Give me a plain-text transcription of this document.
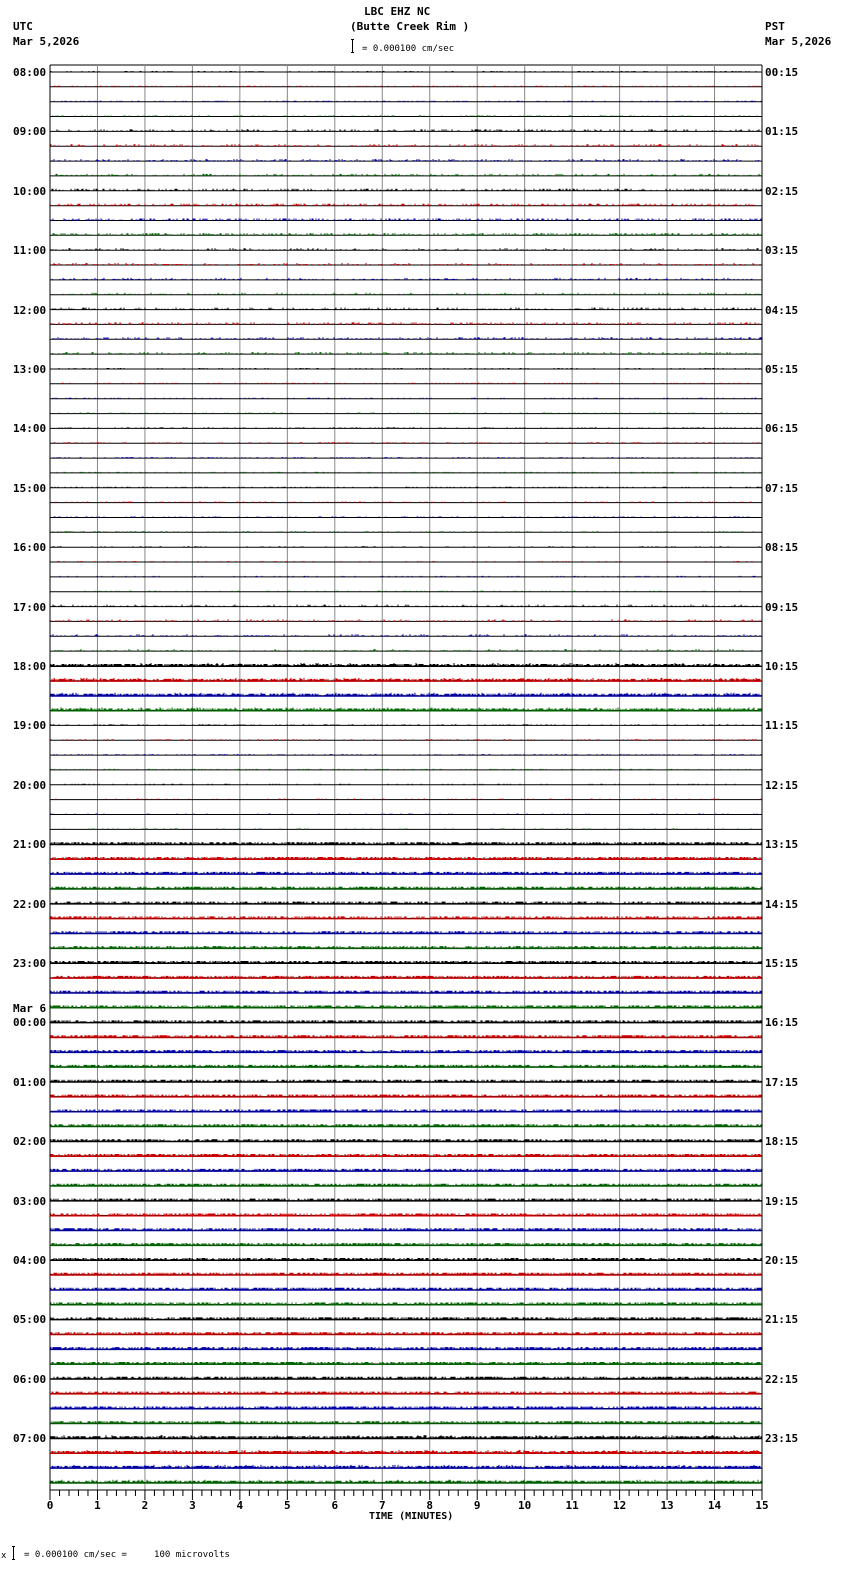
LBC EHZ NC
(Butte Creek Rim )
UTC
Mar 5,2026
PST
Mar 5,2026
= 0.000100 cm/sec
0	1	2	3	4	5	6	7	8	9	10	11	12	13	14	15
08:00	00:15
09:00	01:15
10:00	02:15
11:00	03:15
12:00	04:15
13:00	05:15
14:00	06:15
15:00	07:15
16:00	08:15
17:00	09:15
18:00	10:15
19:00	11:15
20:00	12:15
21:00	13:15
22:00	14:15
23:00	15:15
00:00	16:15
Mar 6
01:00	17:15
02:00	18:15
03:00	19:15
04:00	20:15
05:00	21:15
06:00	22:15
07:00	23:15
TIME (MINUTES)
x = 0.000100 cm/sec =     100 microvolts
